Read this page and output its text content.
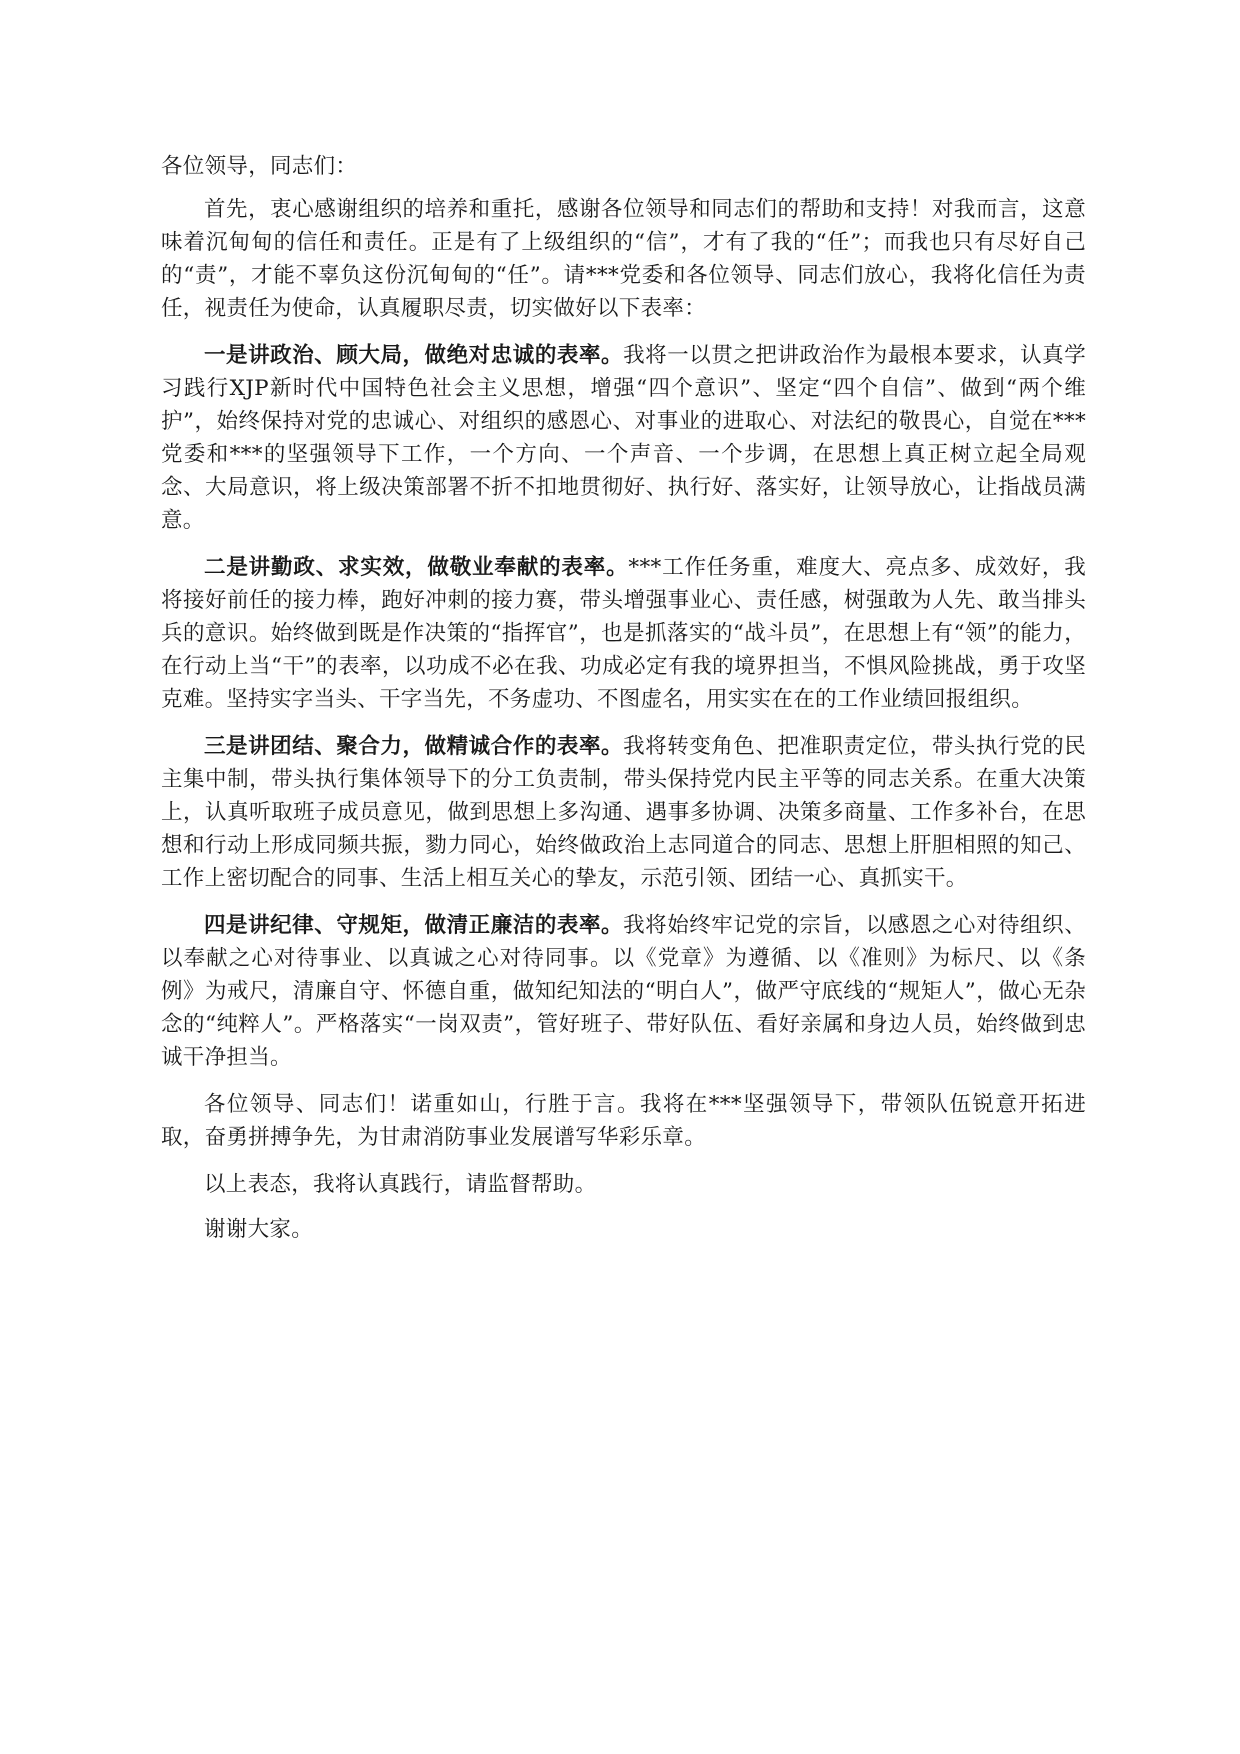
各位领导，同志们：

首先，衷心感谢组织的培养和重托，感谢各位领导和同志们的帮助和支持！对我而言，这意味着沉甸甸的信任和责任。正是有了上级组织的“信”，才有了我的“任”；而我也只有尽好自己的“责”，才能不辜负这份沉甸甸的“任”。请***党委和各位领导、同志们放心，我将化信任为责任，视责任为使命，认真履职尽责，切实做好以下表率：

一是讲政治、顾大局，做绝对忠诚的表率。我将一以贯之把讲政治作为最根本要求，认真学习践行XJP新时代中国特色社会主义思想，增强“四个意识”、坚定“四个自信”、做到“两个维护”，始终保持对党的忠诚心、对组织的感恩心、对事业的进取心、对法纪的敬畏心，自觉在***党委和***的坚强领导下工作，一个方向、一个声音、一个步调，在思想上真正树立起全局观念、大局意识，将上级决策部署不折不扣地贯彻好、执行好、落实好，让领导放心，让指战员满意。

二是讲勤政、求实效，做敬业奉献的表率。***工作任务重，难度大、亮点多、成效好，我将接好前任的接力棒，跑好冲刺的接力赛，带头增强事业心、责任感，树强敢为人先、敢当排头兵的意识。始终做到既是作决策的“指挥官”，也是抓落实的“战斗员”，在思想上有“领”的能力，在行动上当“干”的表率，以功成不必在我、功成必定有我的境界担当，不惧风险挑战，勇于攻坚克难。坚持实字当头、干字当先，不务虚功、不图虚名，用实实在在的工作业绩回报组织。

三是讲团结、聚合力，做精诚合作的表率。我将转变角色、把准职责定位，带头执行党的民主集中制，带头执行集体领导下的分工负责制，带头保持党内民主平等的同志关系。在重大决策上，认真听取班子成员意见，做到思想上多沟通、遇事多协调、决策多商量、工作多补台，在思想和行动上形成同频共振，勠力同心，始终做政治上志同道合的同志、思想上肝胆相照的知己、工作上密切配合的同事、生活上相互关心的挚友，示范引领、团结一心、真抓实干。

四是讲纪律、守规矩，做清正廉洁的表率。我将始终牢记党的宗旨，以感恩之心对待组织、以奉献之心对待事业、以真诚之心对待同事。以《党章》为遵循、以《准则》为标尺、以《条例》为戒尺，清廉自守、怀德自重，做知纪知法的“明白人”，做严守底线的“规矩人”，做心无杂念的“纯粹人”。严格落实“一岗双责”，管好班子、带好队伍、看好亲属和身边人员，始终做到忠诚干净担当。

各位领导、同志们！诺重如山，行胜于言。我将在***坚强领导下，带领队伍锐意开拓进取，奋勇拼搏争先，为甘肃消防事业发展谱写华彩乐章。

以上表态，我将认真践行，请监督帮助。

谢谢大家。
